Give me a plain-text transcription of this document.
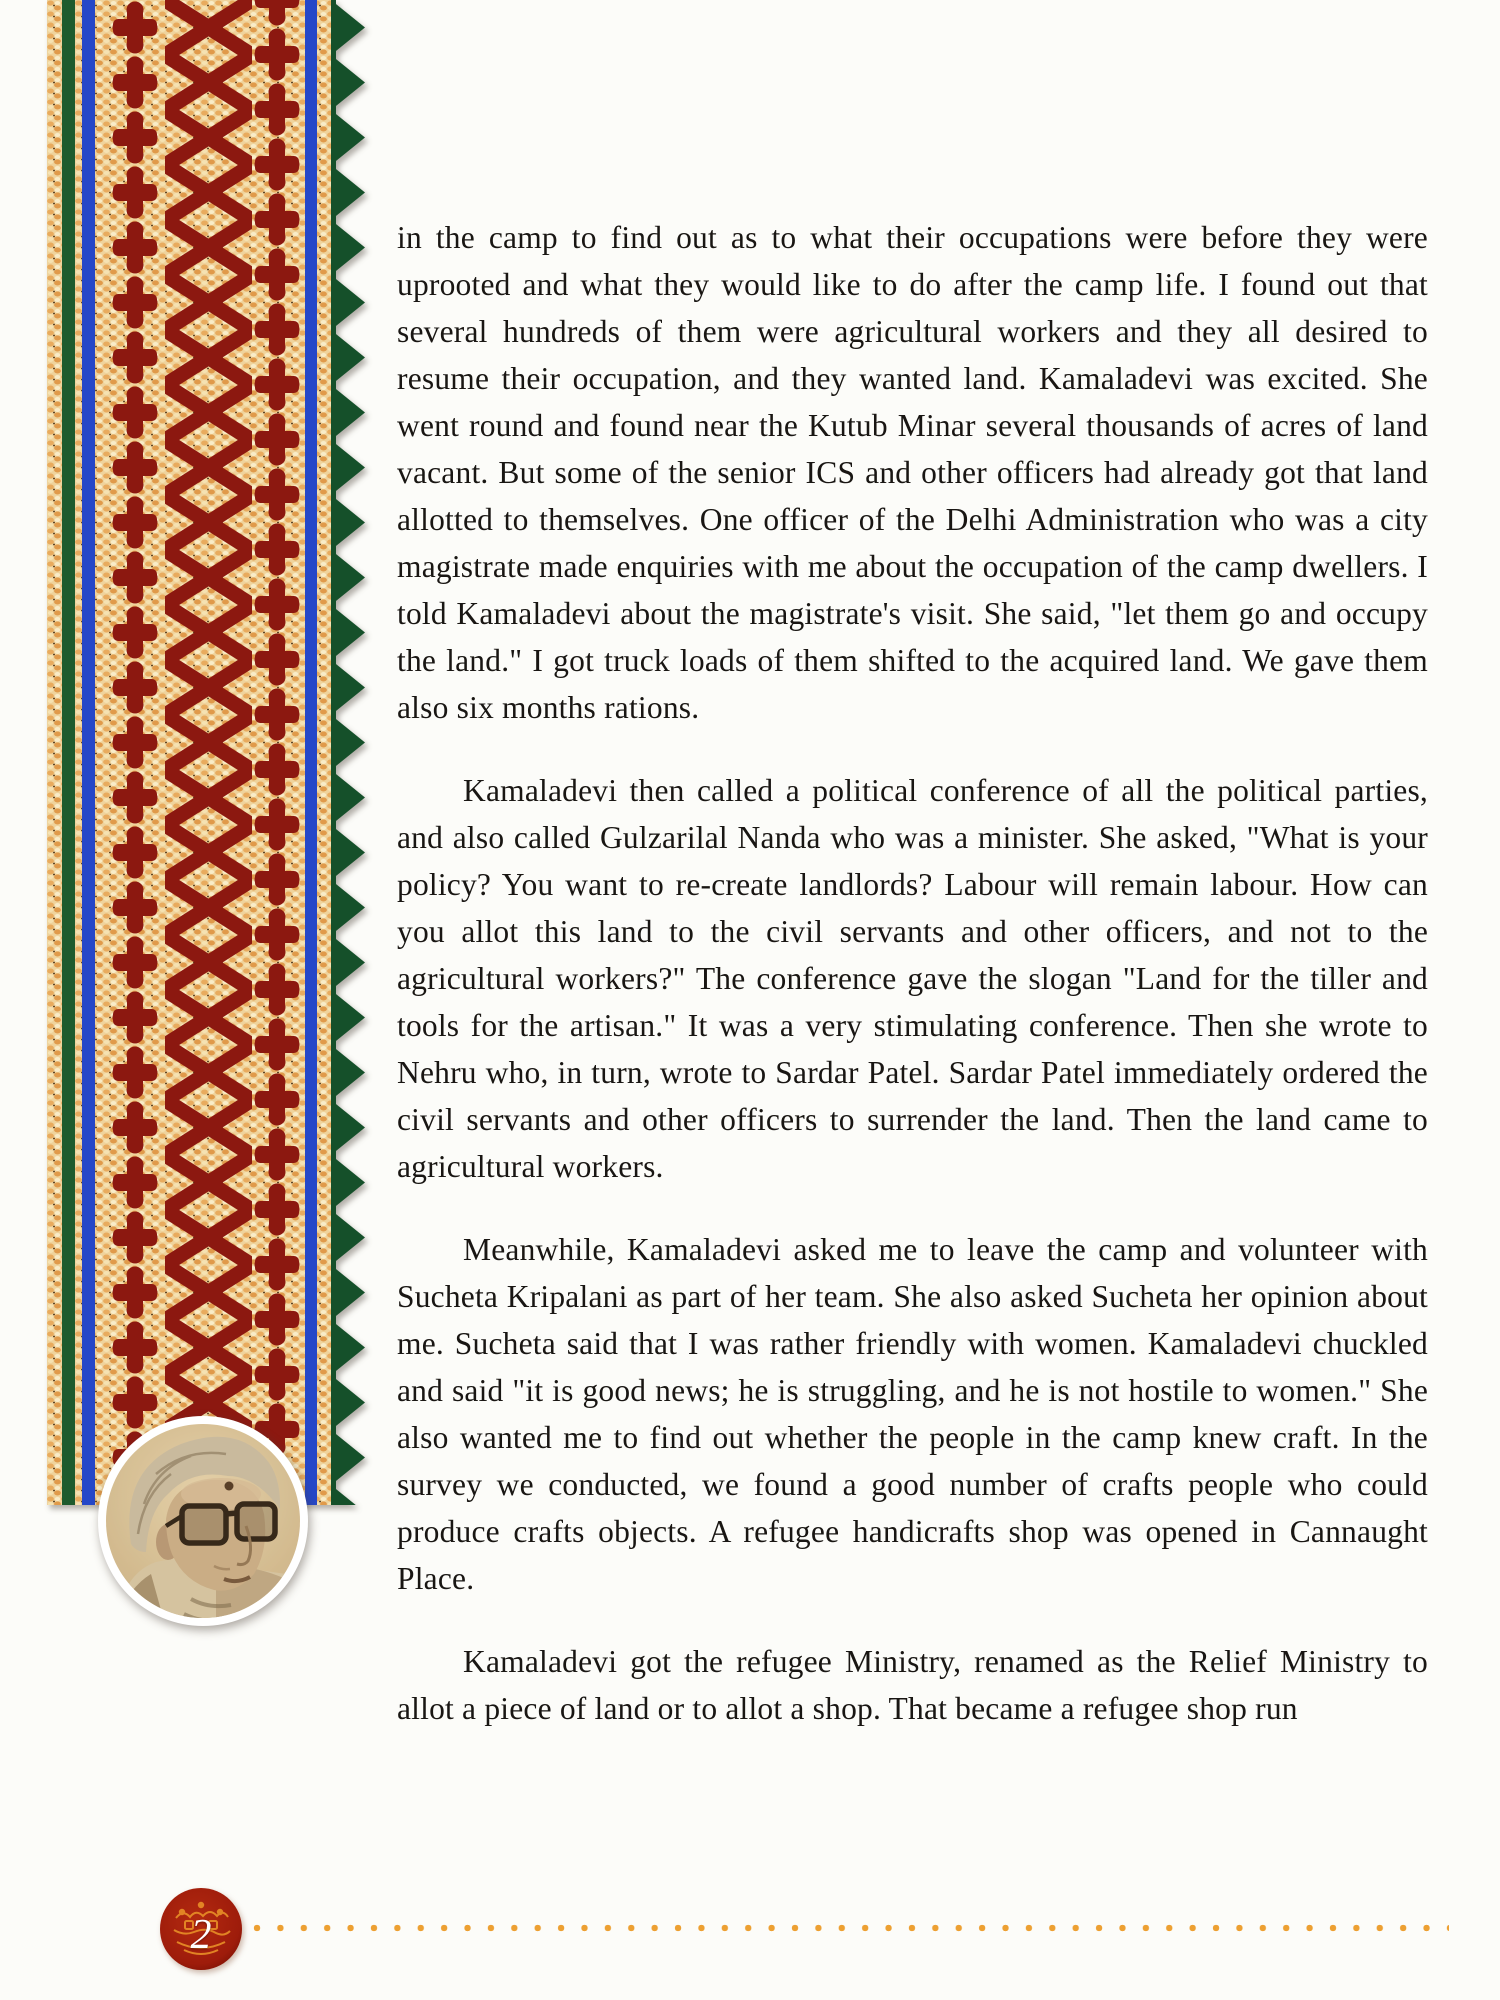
in the camp to find out as to what their occupations were before they were uprooted and what they would like to do after the camp life. I found out that several hundreds of them were agricultural workers and they all desired to resume their occupation, and they wanted land. Kamaladevi was excited. She went round and found near the Kutub Minar several thousands of acres of land vacant. But some of the senior ICS and other officers had already got that land allotted to themselves. One officer of the Delhi Administration who was a city magistrate made enquiries with me about the occupation of the camp dwellers. I told Kamaladevi about the magistrate's visit. She said, "let them go and occupy the land." I got truck loads of them shifted to the acquired land. We gave them also six months rations.

Kamaladevi then called a political conference of all the political parties, and also called Gulzarilal Nanda who was a minister. She asked, "What is your policy? You want to re-create landlords? Labour will remain labour. How can you allot this land to the civil servants and other officers, and not to the agricultural workers?" The conference gave the slogan "Land for the tiller and tools for the artisan." It was a very stimulating conference. Then she wrote to Nehru who, in turn, wrote to Sardar Patel. Sardar Patel immediately ordered the civil servants and other officers to surrender the land. Then the land came to agricultural workers.

Meanwhile, Kamaladevi asked me to leave the camp and volunteer with Sucheta Kripalani as part of her team. She also asked Sucheta her opinion about me. Sucheta said that I was rather friendly with women. Kamaladevi chuckled and said "it is good news; he is struggling, and he is not hostile to women." She also wanted me to find out whether the people in the camp knew craft. In the survey we conducted, we found a good number of crafts people who could produce crafts objects. A refugee handicrafts shop was opened in Cannaught Place.

Kamaladevi got the refugee Ministry, renamed as the Relief Ministry to allot a piece of land or to allot a shop. That became a refugee shop run

2
